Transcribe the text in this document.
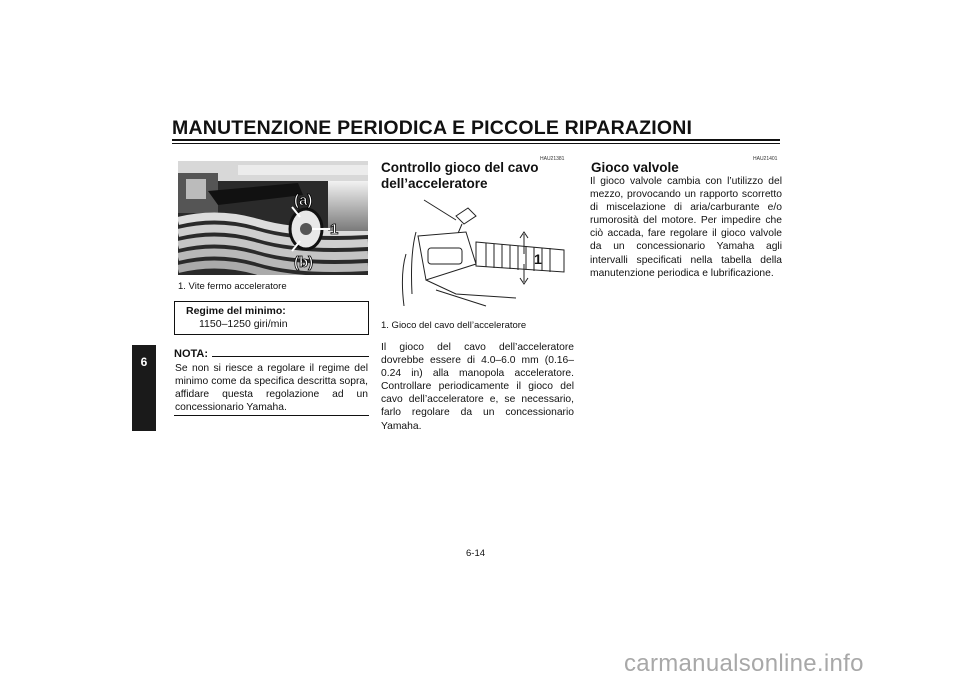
MANUTENZIONE PERIODICA E PICCOLE RIPARAZIONI
6
(a)
1
(b)
1. Vite fermo acceleratore
Regime del minimo:
1150–1250 giri/min
NOTA:
Se non si riesce a regolare il regime del minimo come da specifica descritta sopra, affidare questa regolazione ad un concessionario Yamaha.
HAU21381
Controllo gioco del cavo dell’acceleratore
1
1. Gioco del cavo dell’acceleratore
Il gioco del cavo dell’acceleratore dovrebbe essere di 4.0–6.0 mm (0.16–0.24 in) alla manopola acceleratore. Controllare periodicamente il gioco del cavo dell’acceleratore e, se necessario, farlo regolare da un concessionario Yamaha.
HAU21401
Gioco valvole
Il gioco valvole cambia con l’utilizzo del mezzo, provocando un rapporto scorretto di miscelazione di aria/carburante e/o rumorosità del motore. Per impedire che ciò accada, fare regolare il gioco valvole da un concessionario Yamaha agli intervalli specificati nella tabella della manutenzione periodica e lubrificazione.
6-14
carmanualsonline.info
